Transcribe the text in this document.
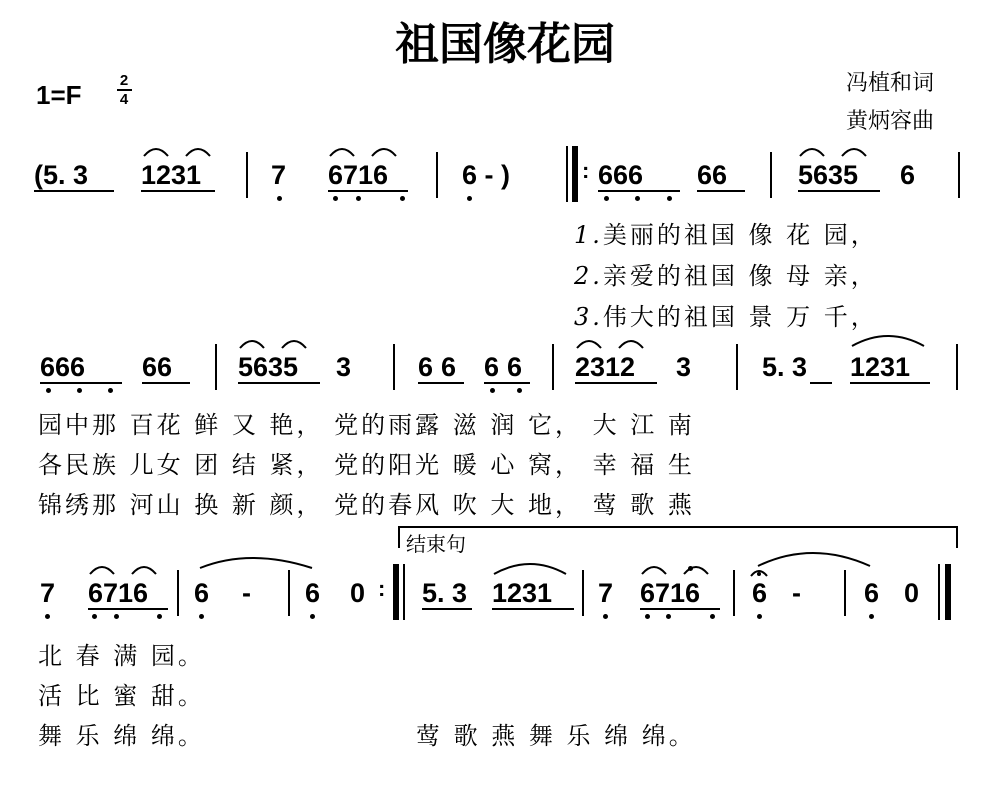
祖国像花园
冯植和词
黄炳容曲
1=F	2
4
(5. 3 1231	7 6716	6 - )	: 666 66	5635 6
1.美丽的祖国 像 花 园，
2.亲爱的祖国 像 母 亲，
3.伟大的祖国 景 万 千，
666 66 5635 3 66 66 2312 3	5. 3 1231
园中那 百花 鲜 又 艳， 党的雨露 滋 润 它， 大 江 南
各民族 儿女 团 结 紧， 党的阳光 暖 心 窝， 幸 福 生
锦绣那 河山 换 新 颜， 党的春风 吹 大 地， 莺 歌 燕
结束句
7 6716 6 - 6 0 : 5. 3 1231 7 6716 6 - 6 0
北 春 满 园。
活 比 蜜 甜。
舞 乐 绵 绵。	莺 歌 燕 舞 乐 绵 绵。
